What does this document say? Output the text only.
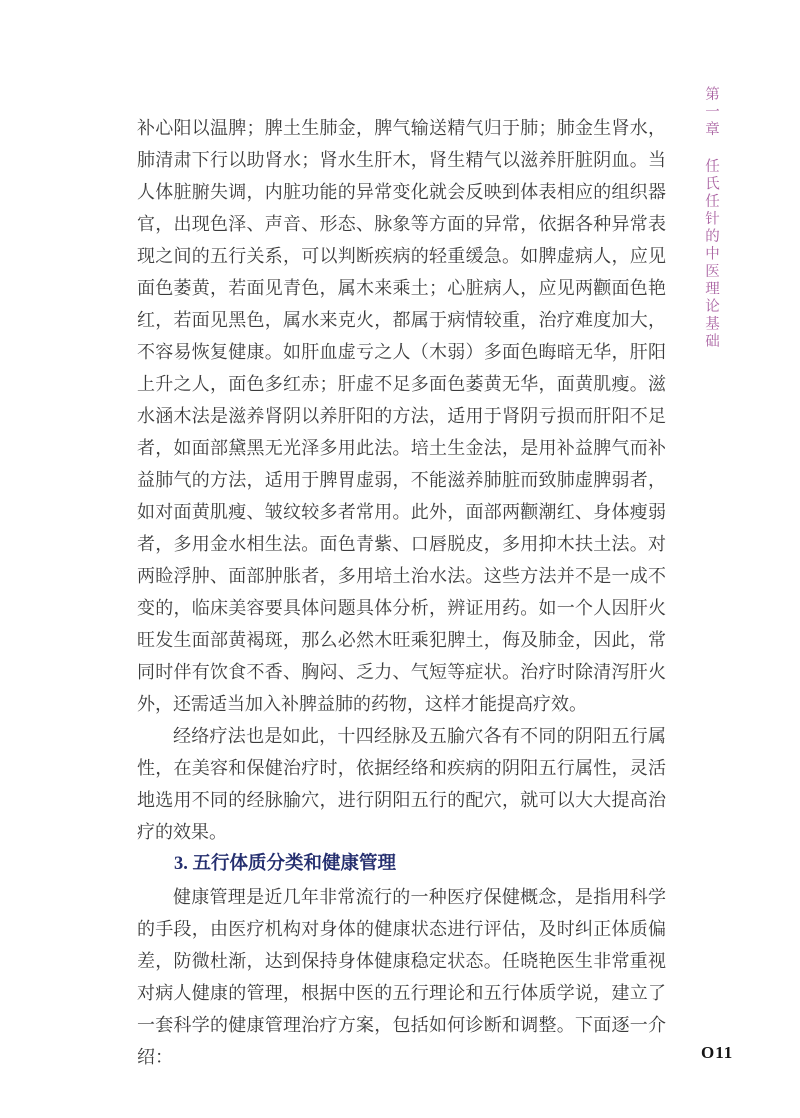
第一章 任氏任针的中医理论基础

补心阳以温脾；脾土生肺金，脾气输送精气归于肺；肺金生肾水，肺清肃下行以助肾水；肾水生肝木，肾生精气以滋养肝脏阴血。当人体脏腑失调，内脏功能的异常变化就会反映到体表相应的组织器官，出现色泽、声音、形态、脉象等方面的异常，依据各种异常表现之间的五行关系，可以判断疾病的轻重缓急。如脾虚病人，应见面色萎黄，若面见青色，属木来乘土；心脏病人，应见两颧面色艳红，若面见黑色，属水来克火，都属于病情较重，治疗难度加大，不容易恢复健康。如肝血虚亏之人（木弱）多面色晦暗无华，肝阳上升之人，面色多红赤；肝虚不足多面色萎黄无华，面黄肌瘦。滋水涵木法是滋养肾阴以养肝阳的方法，适用于肾阴亏损而肝阳不足者，如面部黛黑无光泽多用此法。培土生金法，是用补益脾气而补益肺气的方法，适用于脾胃虚弱，不能滋养肺脏而致肺虚脾弱者，如对面黄肌瘦、皱纹较多者常用。此外，面部两颧潮红、身体瘦弱者，多用金水相生法。面色青紫、口唇脱皮，多用抑木扶土法。对两睑浮肿、面部肿胀者，多用培土治水法。这些方法并不是一成不变的，临床美容要具体问题具体分析，辨证用药。如一个人因肝火旺发生面部黄褐斑，那么必然木旺乘犯脾土，侮及肺金，因此，常同时伴有饮食不香、胸闷、乏力、气短等症状。治疗时除清泻肝火外，还需适当加入补脾益肺的药物，这样才能提高疗效。

经络疗法也是如此，十四经脉及五腧穴各有不同的阴阳五行属性，在美容和保健治疗时，依据经络和疾病的阴阳五行属性，灵活地选用不同的经脉腧穴，进行阴阳五行的配穴，就可以大大提高治疗的效果。

3. 五行体质分类和健康管理

健康管理是近几年非常流行的一种医疗保健概念，是指用科学的手段，由医疗机构对身体的健康状态进行评估，及时纠正体质偏差，防微杜渐，达到保持身体健康稳定状态。任晓艳医生非常重视对病人健康的管理，根据中医的五行理论和五行体质学说，建立了一套科学的健康管理治疗方案，包括如何诊断和调整。下面逐一介绍：	O11
